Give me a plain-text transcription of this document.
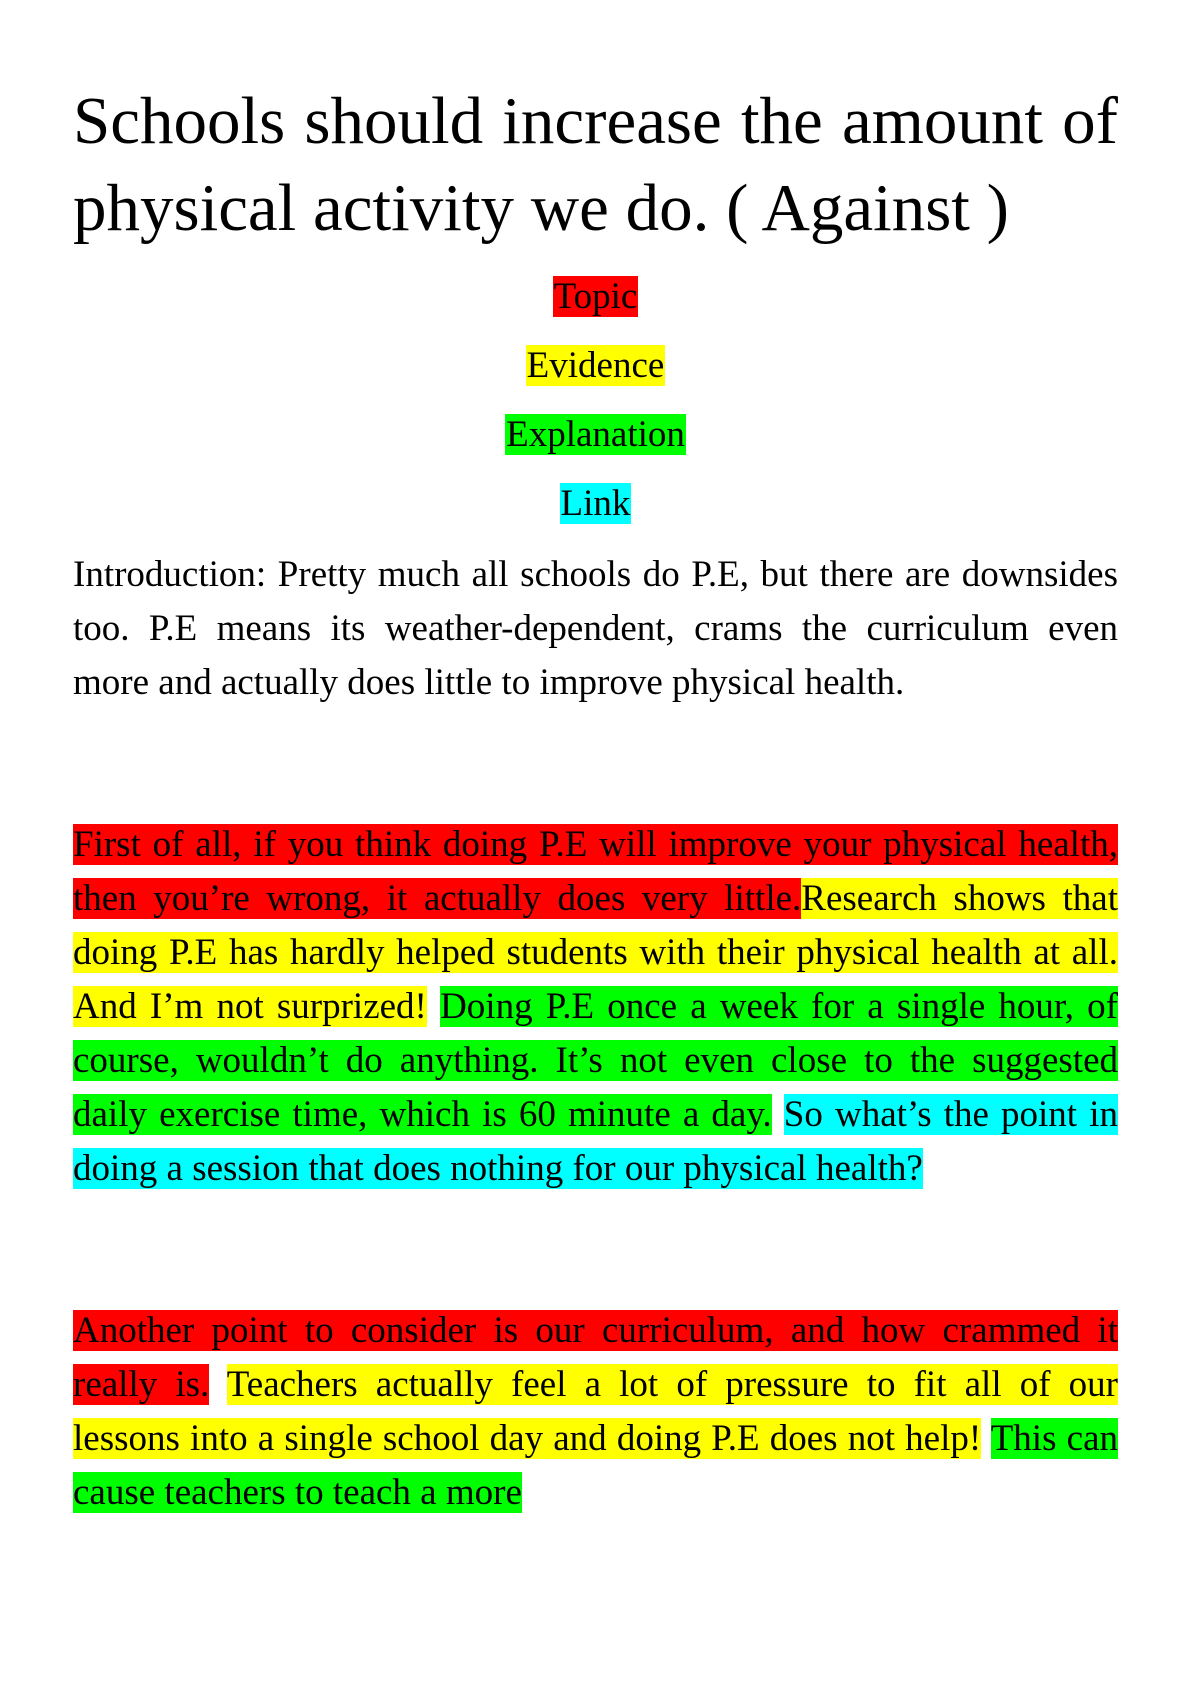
Schools should increase the amount of physical activity we do. ( Against )
Topic
Evidence
Explanation
Link

Introduction: Pretty much all schools do P.E, but there are downsides too. P.E means its weather-dependent, crams the curriculum even more and actually does little to improve physical health.

First of all, if you think doing P.E will improve your physical health, then you’re wrong, it actually does very little.Research shows that doing P.E has hardly helped students with their physical health at all. And I’m not surprized! Doing P.E once a week for a single hour, of course, wouldn’t do anything. It’s not even close to the suggested daily exercise time, which is 60 minute a day. So what’s the point in doing a session that does nothing for our physical health?

Another point to consider is our curriculum, and how crammed it really is. Teachers actually feel a lot of pressure to fit all of our lessons into a single school day and doing P.E does not help! This can cause teachers to teach a more
